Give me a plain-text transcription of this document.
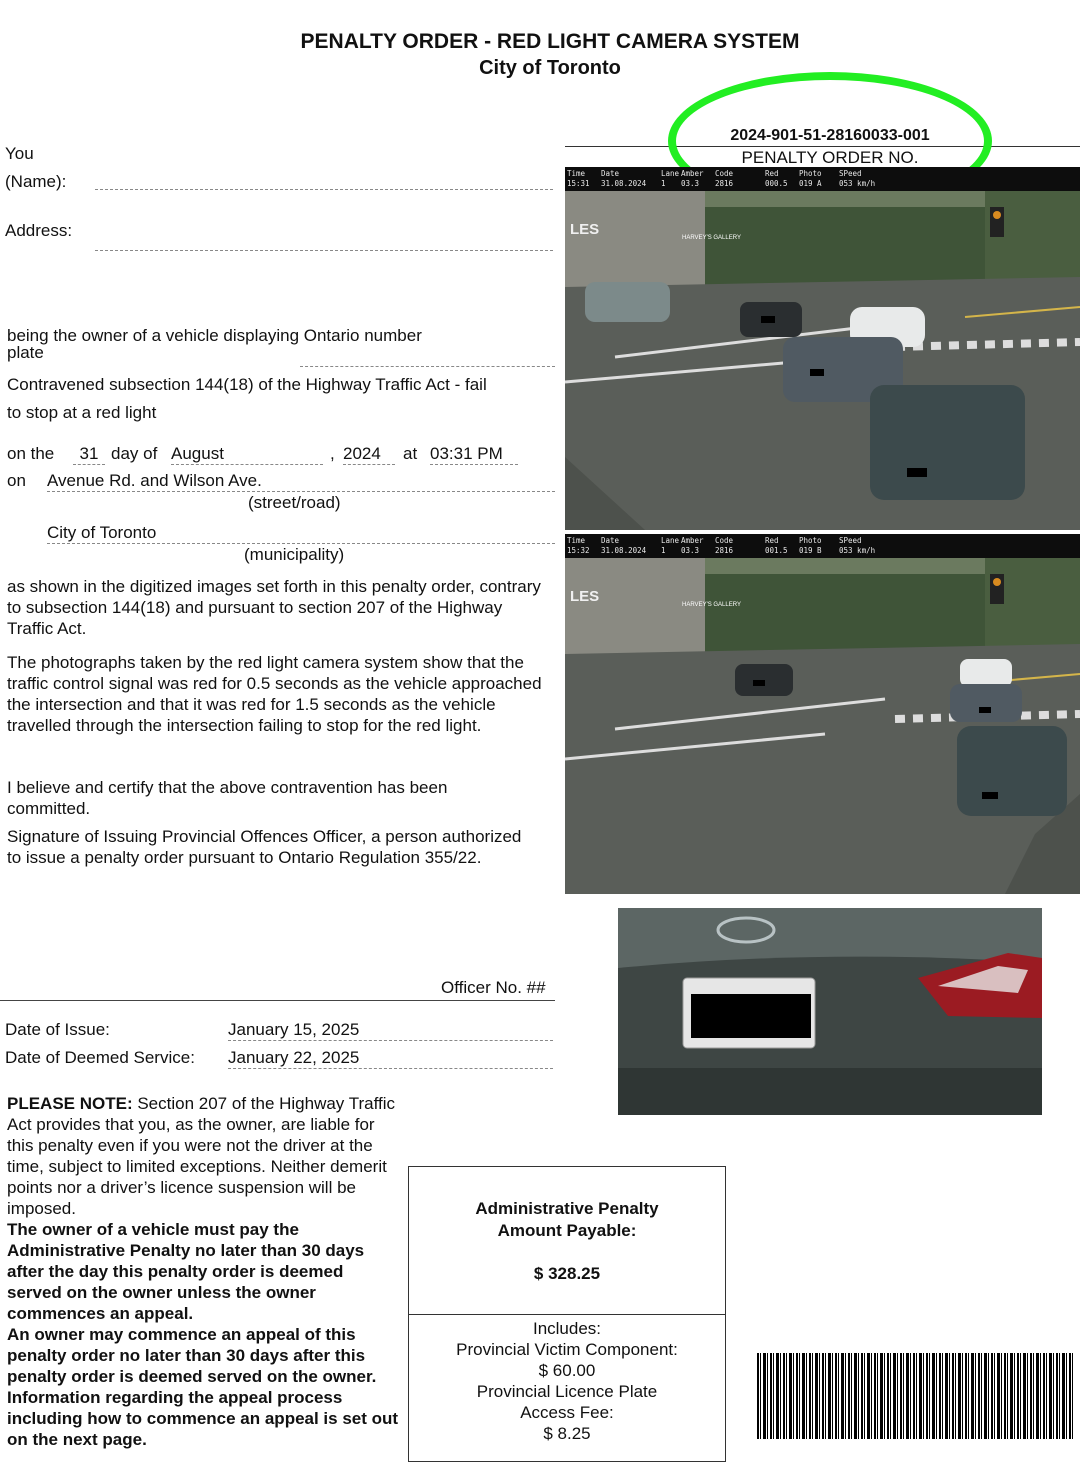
PENALTY ORDER - RED LIGHT CAMERA SYSTEM
City of Toronto
2024-901-51-28160033-001
PENALTY ORDER NO.
You
(Name):
Address:
being the owner of a vehicle displaying Ontario number
plate
Contravened subsection 144(18) of the Highway Traffic Act - fail
to stop at a red light
on the	31 day of August	, 2024	at 03:31 PM
on Avenue Rd. and Wilson Ave.
(street/road)
City of Toronto
(municipality)
as shown in the digitized images set forth in this penalty order, contrary to subsection 144(18) and pursuant to section 207 of the Highway Traffic Act.
The photographs taken by the red light camera system show that the traffic control signal was red for 0.5 seconds as the vehicle approached the intersection and that it was red for 1.5 seconds as the vehicle travelled through the intersection failing to stop for the red light.
I believe and certify that the above contravention has been committed.
Signature of Issuing Provincial Offences Officer, a person authorized to issue a penalty order pursuant to Ontario Regulation 355/22.
Officer No. ##
Date of Issue:	January 15, 2025
Date of Deemed Service: January 22, 2025
PLEASE NOTE: Section 207 of the Highway Traffic Act provides that you, as the owner, are liable for this penalty even if you were not the driver at the time, subject to limited exceptions. Neither demerit points nor a driver’s licence suspension will be imposed.
The owner of a vehicle must pay the Administrative Penalty no later than 30 days after the day this penalty order is deemed served on the owner unless the owner commences an appeal.
An owner may commence an appeal of this penalty order no later than 30 days after this penalty order is deemed served on the owner. Information regarding the appeal process including how to commence an appeal is set out on the next page.
Administrative Penalty
Amount Payable:
$ 328.25
Includes:
Provincial Victim Component:
$ 60.00
Provincial Licence Plate
Access Fee:
$ 8.25
LES	HARVEY'S GALLERY
Time	Date	Lane Amber	Code	Red	Photo	SPeed
15:31	31.08.2024	1	03.3	2816	000.5	019 A	053 km/h
LES	HARVEY'S GALLERY
Time	Date	Lane Amber	Code	Red	Photo	SPeed
15:32	31.08.2024	1	03.3	2816	001.5	019 B	053 km/h
